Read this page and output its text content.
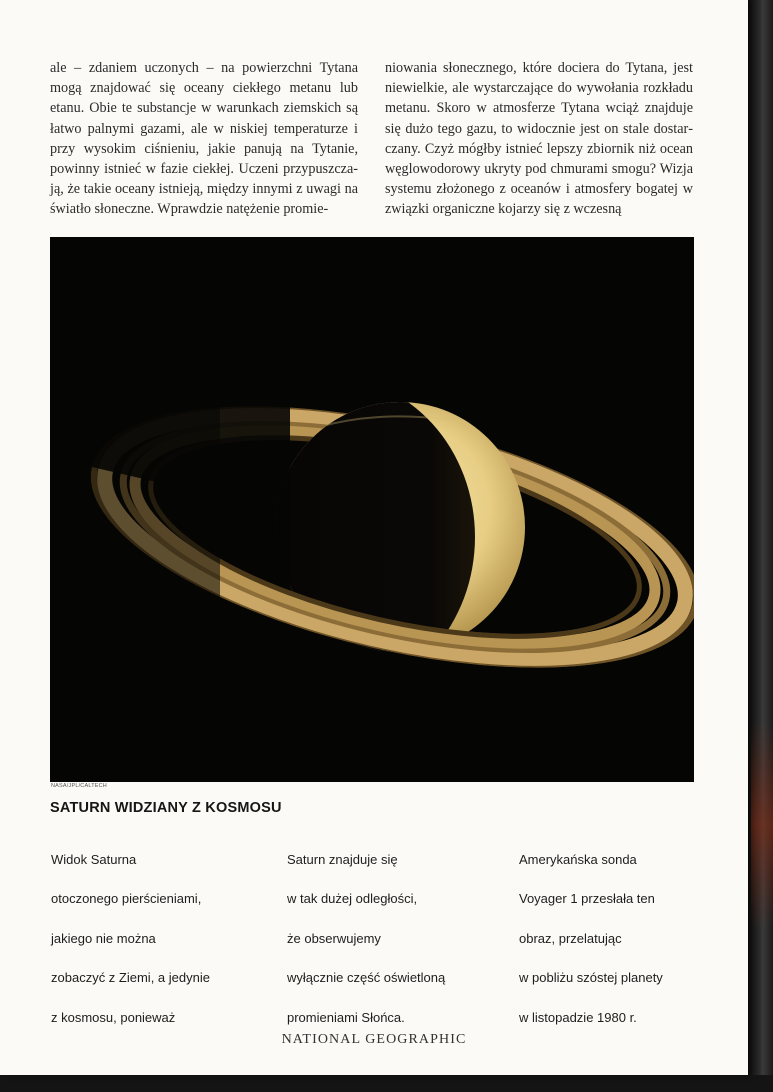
ale – zdaniem uczonych – na powierzchni Tytana mogą znajdować się oceany ciekłego metanu lub etanu. Obie te substancje w warunkach ziemskich są łatwo palnymi gazami, ale w niskiej temperaturze i przy wysokim ciśnieniu, jakie panują na Tytanie, powinny istnieć w fazie ciekłej. Uczeni przypuszczają, że takie oceany istnieją, między innymi z uwagi na światło słoneczne. Wprawdzie natężenie promie-

niowania słonecznego, które dociera do Tytana, jest niewielkie, ale wystarczające do wywołania rozkładu metanu. Skoro w atmosferze Tytana wciąż znajduje się dużo tego gazu, to widocznie jest on stale dostarczany. Czyż mógłby istnieć lepszy zbiornik niż ocean węglowodorowy ukryty pod chmurami smogu? Wizja systemu złożonego z oceanów i atmosfery bogatej w związki organiczne kojarzy się z wczesną

NASA/JPL/CALTECH

SATURN WIDZIANY Z KOSMOSU
Widok Saturna
otoczonego pierścieniami,
jakiego nie można
zobaczyć z Ziemi, a jedynie
z kosmosu, ponieważ
Saturn znajduje się
w tak dużej odległości,
że obserwujemy
wyłącznie część oświetloną
promieniami Słońca.
Amerykańska sonda
Voyager 1 przesłała ten
obraz, przelatując
w pobliżu szóstej planety
w listopadzie 1980 r.

NATIONAL GEOGRAPHIC
